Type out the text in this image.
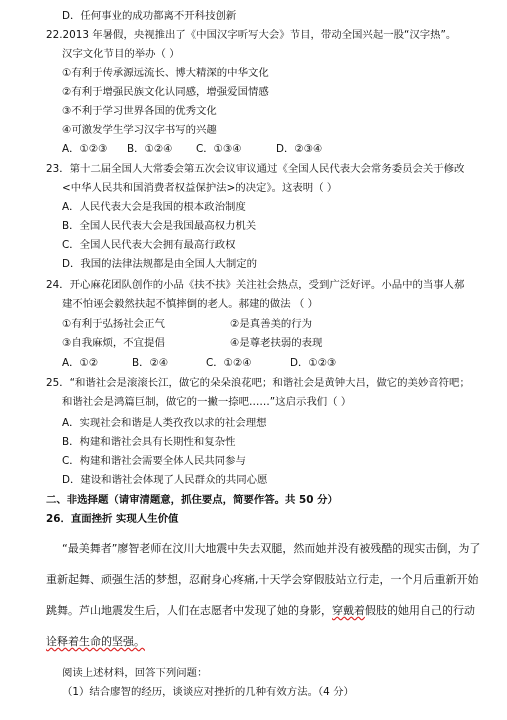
D．任何事业的成功都离不开科技创新
22.2013 年暑假，央视推出了《中国汉字听写大会》节目，带动全国兴起一股“汉字热”。
汉字文化节目的举办（ ）
①有利于传承源远流长、博大精深的中华文化
②有利于增强民族文化认同感，增强爱国情感
③不利于学习世界各国的优秀文化
④可激发学生学习汉字书写的兴趣
A．①②③ B．①②④ C．①③④	D．②③④
23．第十二届全国人大常委会第五次会议审议通过《全国人民代表大会常务委员会关于修改
<中华人民共和国消费者权益保护法>的决定》。这表明（ ）
A．人民代表大会是我国的根本政治制度
B．全国人民代表大会是我国最高权力机关
C．全国人民代表大会拥有最高行政权
D．我国的法律法规都是由全国人大制定的
24．开心麻花团队创作的小品《扶不扶》关注社会热点，受到广泛好评。小品中的当事人郝
建不怕诬会毅然扶起不慎摔倒的老人。郝建的做法 （ ）
①有利于弘扬社会正气	②是真善美的行为
③自我麻烦，不宜提倡	④是尊老扶弱的表现
A．①②	B．②④	C．①②④	D．①②③
25．“和谐社会是滚滚长江，做它的朵朵浪花吧；和谐社会是黄钟大吕，做它的美妙音符吧；
和谐社会是鸿篇巨制，做它的一撇一捺吧……”这启示我们（ ）
A．实现社会和谐是人类孜孜以求的社会理想
B．构建和谐社会具有长期性和复杂性
C．构建和谐社会需要全体人民共同参与
D．建设和谐社会体现了人民群众的共同心愿
二、非选择题（请审清题意，抓住要点，简要作答。共 50 分）
26．直面挫折 实现人生价值
“最美舞者”廖智老师在汶川大地震中失去双腿，然而她并没有被残酷的现实击倒，为了
重新起舞、顽强生活的梦想，忍耐身心疼痛,十天学会穿假肢站立行走，一个月后重新开始
跳舞。芦山地震发生后，人们在志愿者中发现了她的身影，穿戴着假肢的她用自己的行动
诠释着生命的坚强。
阅读上述材料，回答下列问题：
（1）结合廖智的经历，谈谈应对挫折的几种有效方法。（4 分）
